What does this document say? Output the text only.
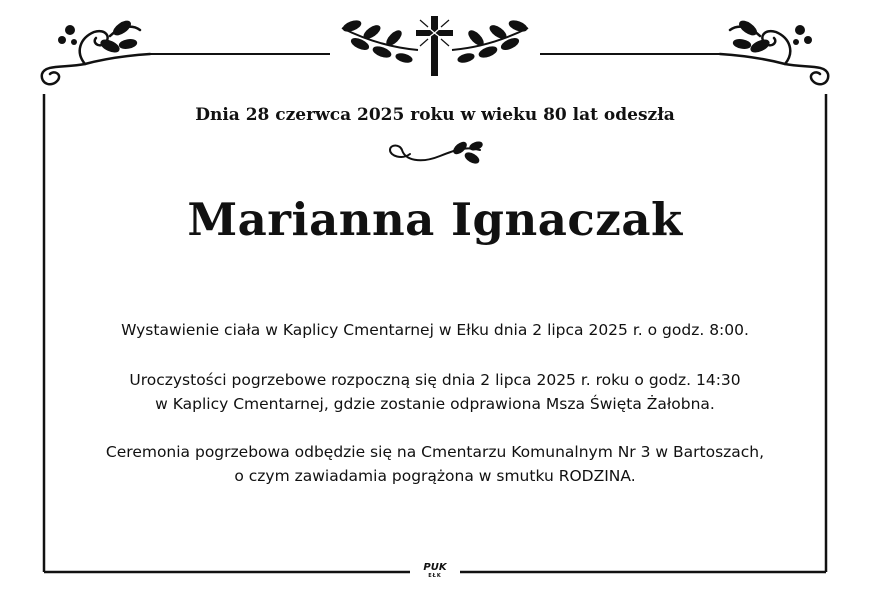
Dnia 28 czerwca 2025 roku w wieku 80 lat odeszła
Marianna Ignaczak
Wystawienie ciała w Kaplicy Cmentarnej w Ełku dnia 2 lipca 2025 r. o godz. 8:00.
Uroczystości pogrzebowe rozpoczną się dnia 2 lipca 2025 r. roku o godz. 14:30
w Kaplicy Cmentarnej, gdzie zostanie odprawiona Msza Święta Żałobna.
Ceremonia pogrzebowa odbędzie się na Cmentarzu Komunalnym Nr 3 w Bartoszach,
o czym zawiadamia pogrążona w smutku RODZINA.
PUK
EŁK
